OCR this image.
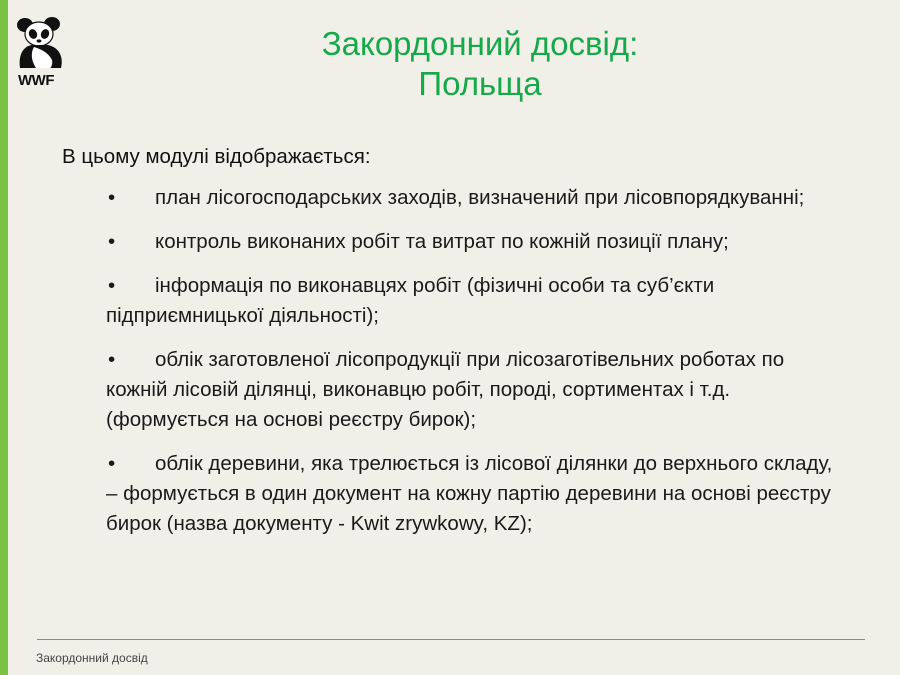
WWF
Закордонний досвід:
Польща
В цьому модулі відображається:
• план лісогосподарських заходів, визначений при лісовпорядкуванні;
• контроль виконаних робіт та витрат по кожній позиції плану;
• інформація по виконавцях робіт (фізичні особи та суб’єкти підприємницької діяльності);
• облік заготовленої лісопродукції при лісозаготівельних роботах по кожній лісовій ділянці, виконавцю робіт, породі, сортиментах і т.д. (формується на основі реєстру бирок);
• облік деревини, яка трелюється із лісової ділянки до верхнього складу, – формується в один документ на кожну партію деревини на основі реєстру бирок (назва документу - Kwit zrywkowy, KZ);
Закордонний досвід
